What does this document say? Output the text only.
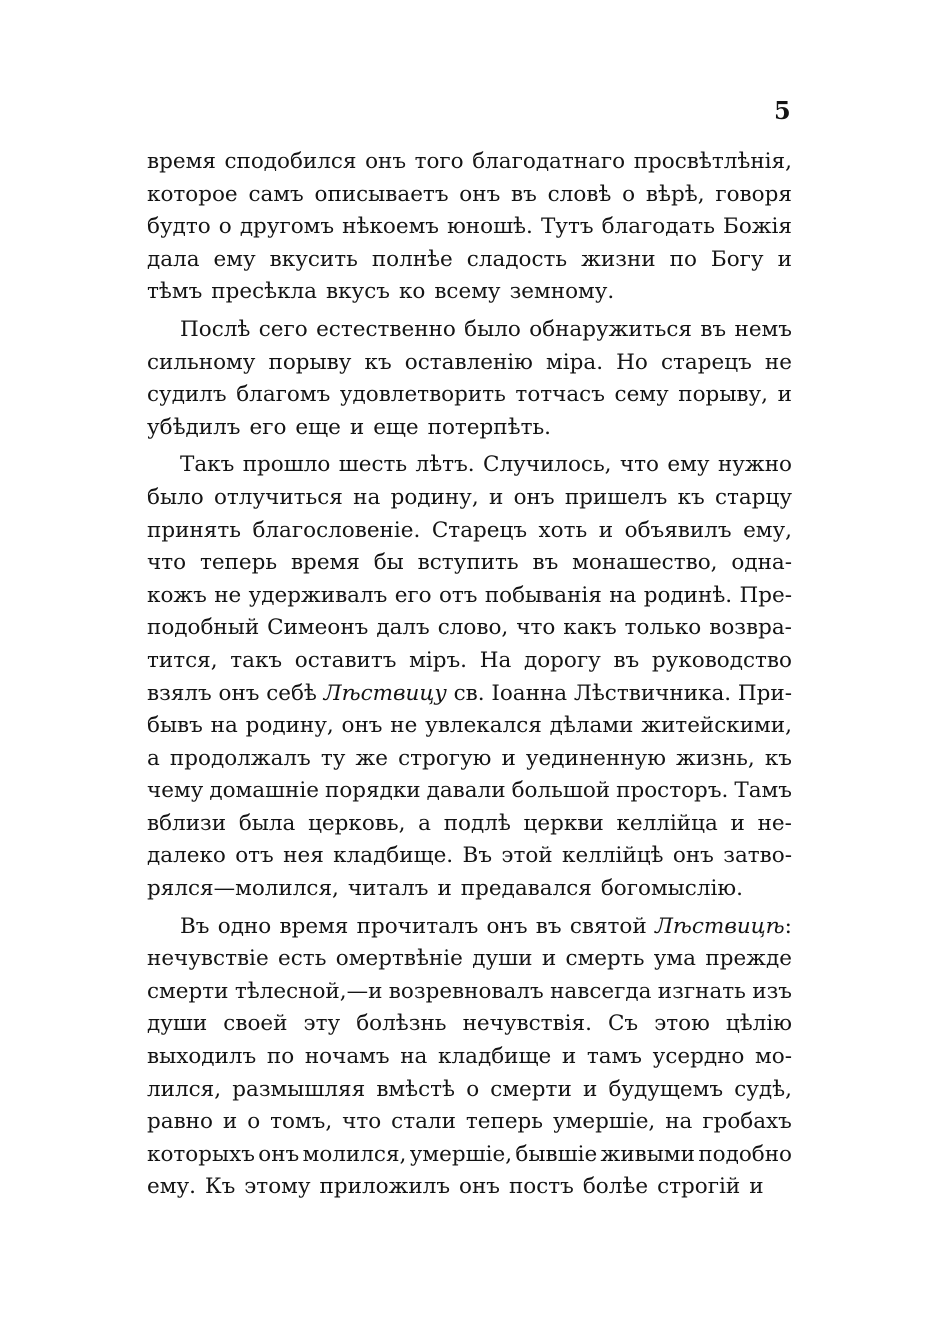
5
время сподобился онъ того благодатнаго просвѣтлѣнія,
которое самъ описываетъ онъ въ словѣ о вѣрѣ, говоря
будто о другомъ нѣкоемъ юношѣ. Тутъ благодать Божія
дала ему вкусить полнѣе сладость жизни по Богу и
тѣмъ пресѣкла вкусъ ко всему земному.
Послѣ сего естественно было обнаружиться въ немъ
сильному порыву къ оставленію міра. Но старецъ не
судилъ благомъ удовлетворить тотчасъ сему порыву, и
убѣдилъ его еще и еще потерпѣть.
Такъ прошло шесть лѣтъ. Случилось, что ему нужно
было отлучиться на родину, и онъ пришелъ къ старцу
принять благословеніе. Старецъ хоть и объявилъ ему,
что теперь время бы вступить въ монашество, одна-
кожъ не удерживалъ его отъ побыванія на родинѣ. Пре-
подобный Симеонъ далъ слово, что какъ только возвра-
тится, такъ оставитъ міръ. На дорогу въ руководство
взялъ онъ себѣ Лѣствицу св. Іоанна Лѣствичника. При-
бывъ на родину, онъ не увлекался дѣлами житейскими,
а продолжалъ ту же строгую и уединенную жизнь, къ
чему домашніе порядки давали большой просторъ. Тамъ
вблизи была церковь, а подлѣ церкви келлійца и не-
далеко отъ нея кладбище. Въ этой келлійцѣ онъ затво-
рялся—молился, читалъ и предавался богомыслію.
Въ одно время прочиталъ онъ въ святой Лѣствицѣ:
нечувствіе есть омертвѣніе души и смерть ума прежде
смерти тѣлесной,—и возревновалъ навсегда изгнать изъ
души своей эту болѣзнь нечувствія. Съ этою цѣлію
выходилъ по ночамъ на кладбище и тамъ усердно мо-
лился, размышляя вмѣстѣ о смерти и будущемъ судѣ,
равно и о томъ, что стали теперь умершіе, на гробахъ
которыхъ онъ молился, умершіе, бывшіе живыми подобно
ему. Къ этому приложилъ онъ постъ болѣе строгій и
